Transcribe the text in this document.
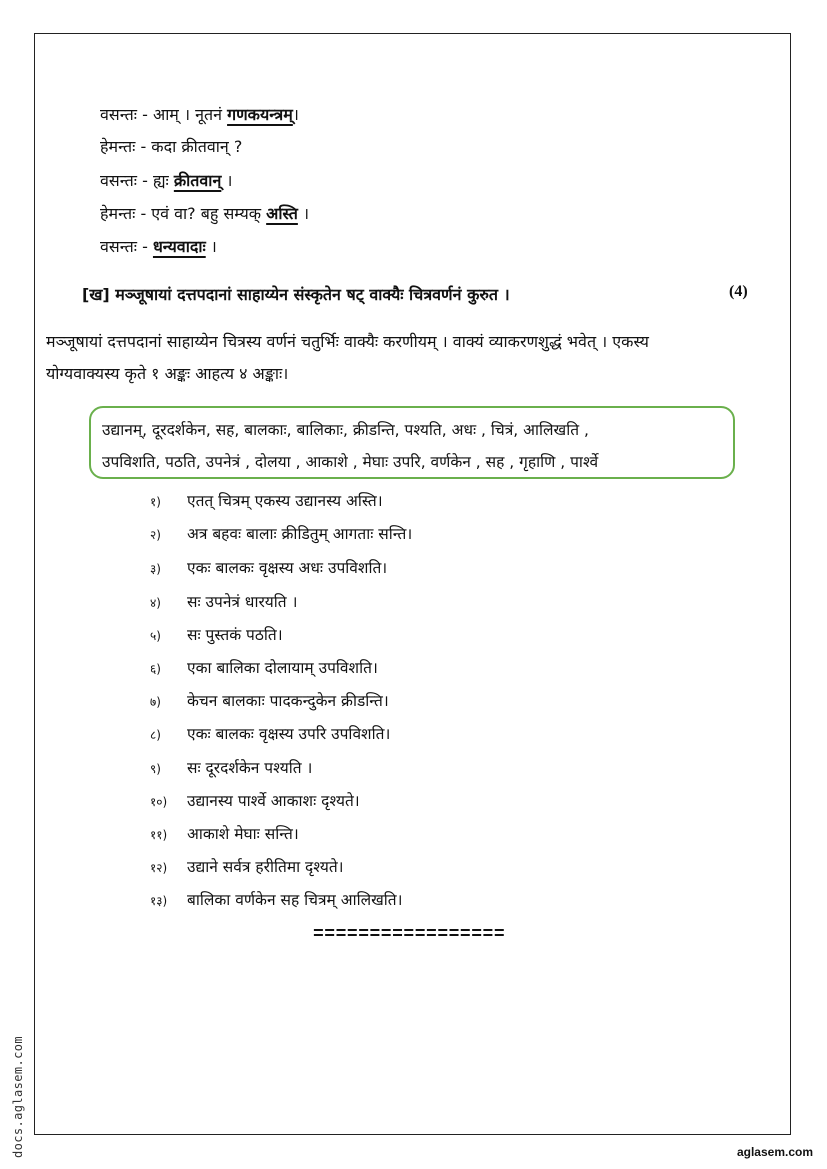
वसन्तः - आम् । नूतनं गणकयन्त्रम्।
हेमन्तः - कदा क्रीतवान् ?
वसन्तः - ह्यः क्रीतवान् ।
हेमन्तः - एवं वा? बहु सम्यक् अस्ति ।
वसन्तः - धन्यवादाः ।
[ख] मञ्जूषायां दत्तपदानां साहाय्येन संस्कृतेन षट् वाक्यैः चित्रवर्णनं कुरुत ।	(4)
मञ्जूषायां दत्तपदानां साहाय्येन चित्रस्य वर्णनं चतुर्भिः वाक्यैः करणीयम् । वाक्यं व्याकरणशुद्धं भवेत् । एकस्य
योग्यवाक्यस्य कृते १ अङ्कः आहत्य ४ अङ्काः।
उद्यानम्, दूरदर्शकेन, सह, बालकाः, बालिकाः, क्रीडन्ति, पश्यति, अधः , चित्रं, आलिखति ,
उपविशति, पठति, उपनेत्रं , दोलया , आकाशे , मेघाः उपरि, वर्णकेन , सह , गृहाणि , पार्श्वे
१) एतत् चित्रम् एकस्य उद्यानस्य अस्ति।
२) अत्र बहवः बालाः क्रीडितुम् आगताः सन्ति।
३) एकः बालकः वृक्षस्य अधः उपविशति।
४) सः उपनेत्रं धारयति ।
५) सः पुस्तकं पठति।
६) एका बालिका दोलायाम् उपविशति।
७) केचन बालकाः पादकन्दुकेन क्रीडन्ति।
८) एकः बालकः वृक्षस्य उपरि उपविशति।
९) सः दूरदर्शकेन पश्यति ।
१०) उद्यानस्य पार्श्वे आकाशः दृश्यते।
११) आकाशे मेघाः सन्ति।
१२) उद्याने सर्वत्र हरीतिमा दृश्यते।
१३) बालिका वर्णकेन सह चित्रम् आलिखति।
=================
docs.aglasem.com	aglasem.com
